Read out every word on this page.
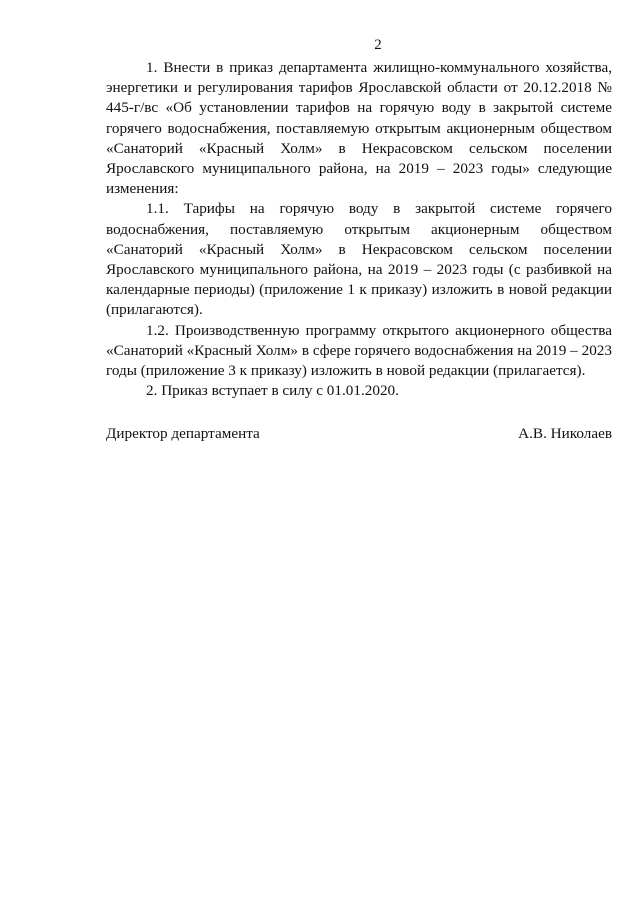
2

1. Внести в приказ департамента жилищно-коммунального хозяйства, энергетики и регулирования тарифов Ярославской области от 20.12.2018 № 445-г/вс «Об установлении тарифов на горячую воду в закрытой системе горячего водоснабжения, поставляемую открытым акционерным обществом «Санаторий «Красный Холм» в Некрасовском сельском поселении Ярославского муниципального района, на 2019 – 2023 годы» следующие изменения:

1.1. Тарифы на горячую воду в закрытой системе горячего водоснабжения, поставляемую открытым акционерным обществом «Санаторий «Красный Холм» в Некрасовском сельском поселении Ярославского муниципального района, на 2019 – 2023 годы (с разбивкой на календарные периоды) (приложение 1 к приказу) изложить в новой редакции (прилагаются).

1.2. Производственную программу открытого акционерного общества «Санаторий «Красный Холм» в сфере горячего водоснабжения на 2019 – 2023 годы (приложение 3 к приказу) изложить в новой редакции (прилагается).

2. Приказ вступает в силу с 01.01.2020.

Директор департамента	А.В. Николаев
